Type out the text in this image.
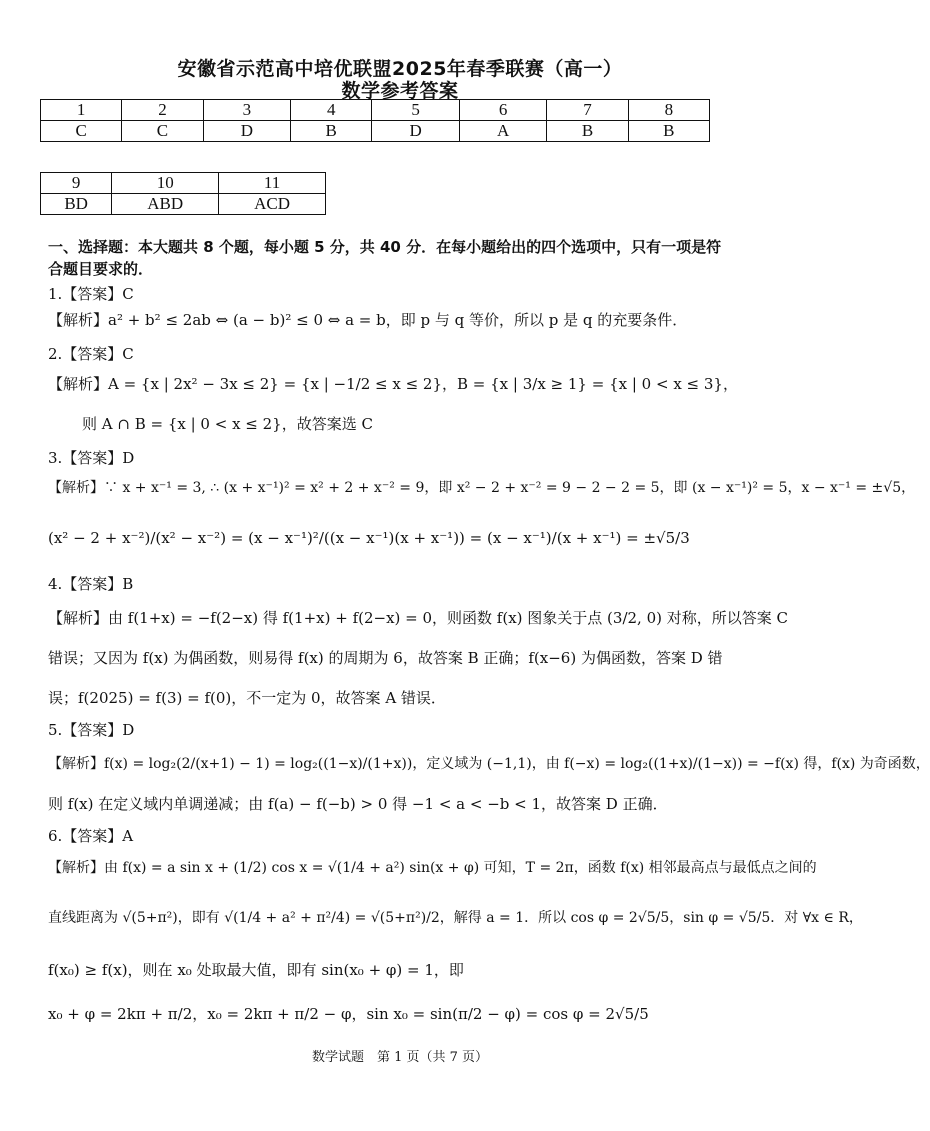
安徽省示范高中培优联盟2025年春季联赛（高一）
数学参考答案
1	2	3	4	5	6	7	8
C	C	D	B	D	A	B	B
9	10	11
BD	ABD	ACD
一、选择题：本大题共 8 个题，每小题 5 分，共 40 分．在每小题给出的四个选项中，只有一项是符
合题目要求的．
1.【答案】C
【解析】a² + b² ≤ 2ab ⇔ (a − b)² ≤ 0 ⇔ a = b，即 p 与 q 等价，所以 p 是 q 的充要条件．
2.【答案】C
【解析】A = {x | 2x² − 3x ≤ 2} = {x | −1/2 ≤ x ≤ 2}，B = {x | 3/x ≥ 1} = {x | 0 < x ≤ 3}，
则 A ∩ B = {x | 0 < x ≤ 2}，故答案选 C
3.【答案】D
【解析】∵ x + x⁻¹ = 3, ∴ (x + x⁻¹)² = x² + 2 + x⁻² = 9，即 x² − 2 + x⁻² = 9 − 2 − 2 = 5，即 (x − x⁻¹)² = 5，x − x⁻¹ = ±√5，
(x² − 2 + x⁻²)/(x² − x⁻²) = (x − x⁻¹)²/((x − x⁻¹)(x + x⁻¹)) = (x − x⁻¹)/(x + x⁻¹) = ±√5/3
4.【答案】B
【解析】由 f(1+x) = −f(2−x) 得 f(1+x) + f(2−x) = 0，则函数 f(x) 图象关于点 (3/2, 0) 对称，所以答案 C
错误；又因为 f(x) 为偶函数，则易得 f(x) 的周期为 6，故答案 B 正确；f(x−6) 为偶函数，答案 D 错
误；f(2025) = f(3) = f(0)，不一定为 0，故答案 A 错误．
5.【答案】D
【解析】f(x) = log₂(2/(x+1) − 1) = log₂((1−x)/(1+x))，定义域为 (−1,1)，由 f(−x) = log₂((1+x)/(1−x)) = −f(x) 得，f(x) 为奇函数，
则 f(x) 在定义域内单调递减；由 f(a) − f(−b) > 0 得 −1 < a < −b < 1，故答案 D 正确．
6.【答案】A
【解析】由 f(x) = a sin x + (1/2) cos x = √(1/4 + a²) sin(x + φ) 可知，T = 2π，函数 f(x) 相邻最高点与最低点之间的
直线距离为 √(5+π²)，即有 √(1/4 + a² + π²/4) = √(5+π²)/2，解得 a = 1．所以 cos φ = 2√5/5，sin φ = √5/5．对 ∀x ∈ R，
f(x₀) ≥ f(x)，则在 x₀ 处取最大值，即有 sin(x₀ + φ) = 1，即
x₀ + φ = 2kπ + π/2，x₀ = 2kπ + π/2 − φ，sin x₀ = sin(π/2 − φ) = cos φ = 2√5/5
数学试题　第 1 页（共 7 页）
